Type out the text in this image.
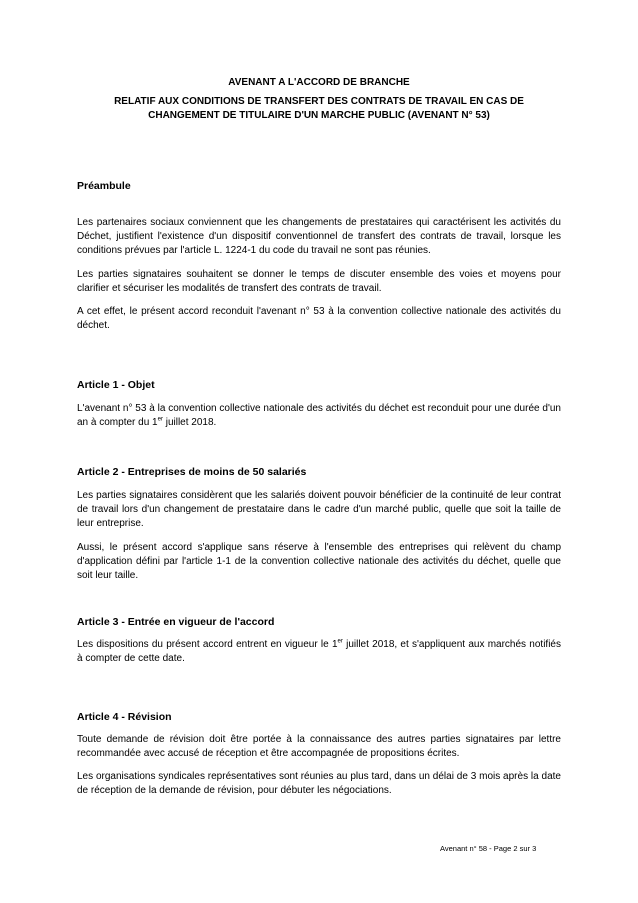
AVENANT A L'ACCORD DE BRANCHE
RELATIF AUX CONDITIONS DE TRANSFERT DES CONTRATS DE TRAVAIL EN CAS DE CHANGEMENT DE TITULAIRE D'UN MARCHE PUBLIC (AVENANT N° 53)
Préambule
Les partenaires sociaux conviennent que les changements de prestataires qui caractérisent les activités du Déchet, justifient l'existence d'un dispositif conventionnel de transfert des contrats de travail, lorsque les conditions prévues par l'article L. 1224-1 du code du travail ne sont pas réunies.
Les parties signataires souhaitent se donner le temps de discuter ensemble des voies et moyens pour clarifier et sécuriser les modalités de transfert des contrats de travail.
A cet effet, le présent accord reconduit l'avenant n° 53 à la convention collective nationale des activités du déchet.
Article 1 - Objet
L'avenant n° 53 à la convention collective nationale des activités du déchet est reconduit pour une durée d'un an à compter du 1er juillet 2018.
Article 2 - Entreprises de moins de 50 salariés
Les parties signataires considèrent que les salariés doivent pouvoir bénéficier de la continuité de leur contrat de travail lors d'un changement de prestataire dans le cadre d'un marché public, quelle que soit la taille de leur entreprise.
Aussi, le présent accord s'applique sans réserve à l'ensemble des entreprises qui relèvent du champ d'application défini par l'article 1-1 de la convention collective nationale des activités du déchet, quelle que soit leur taille.
Article 3 - Entrée en vigueur de l'accord
Les dispositions du présent accord entrent en vigueur le 1er juillet 2018, et s'appliquent aux marchés notifiés à compter de cette date.
Article 4 - Révision
Toute demande de révision doit être portée à la connaissance des autres parties signataires par lettre recommandée avec accusé de réception et être accompagnée de propositions écrites.
Les organisations syndicales représentatives sont réunies au plus tard, dans un délai de 3 mois après la date de réception de la demande de révision, pour débuter les négociations.
Avenant n° 58 - Page 2 sur 3
